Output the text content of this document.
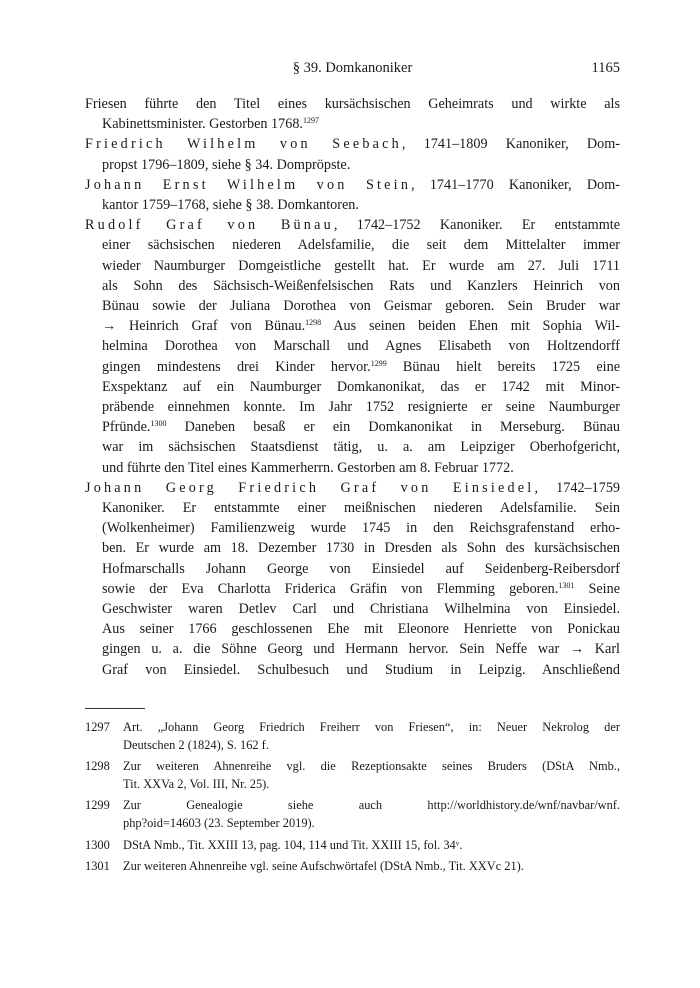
§ 39. Domkanoniker	1165
Friesen führte den Titel eines kursächsischen Geheimrats und wirkte als
Kabinettsminister. Gestorben 1768.$^{1297}$
Friedrich Wilhelm von Seebach, 1741–1809 Kanoniker, Dom-
propst 1796–1809, siehe § 34. Dompröpste.
Johann Ernst Wilhelm von Stein, 1741–1770 Kanoniker, Dom-
kantor 1759–1768, siehe § 38. Domkantoren.
Rudolf Graf von Bünau, 1742–1752 Kanoniker. Er entstammte
einer sächsischen niederen Adelsfamilie, die seit dem Mittelalter immer
wieder Naumburger Domgeistliche gestellt hat. Er wurde am 27. Juli 1711
als Sohn des Sächsisch-Weißenfelsischen Rats und Kanzlers Heinrich von
Bünau sowie der Juliana Dorothea von Geismar geboren. Sein Bruder war
→ Heinrich Graf von Bünau.$^{1298}$ Aus seinen beiden Ehen mit Sophia Wil-
helmina Dorothea von Marschall und Agnes Elisabeth von Holtzendorff
gingen mindestens drei Kinder hervor.$^{1299}$ Bünau hielt bereits 1725 eine
Exspektanz auf ein Naumburger Domkanonikat, das er 1742 mit Minor-
präbende einnehmen konnte. Im Jahr 1752 resignierte er seine Naumburger
Pfründe.$^{1300}$ Daneben besaß er ein Domkanonikat in Merseburg. Bünau
war im sächsischen Staatsdienst tätig, u. a. am Leipziger Oberhofgericht,
und führte den Titel eines Kammerherrn. Gestorben am 8. Februar 1772.
Johann Georg Friedrich Graf von Einsiedel, 1742–1759
Kanoniker. Er entstammte einer meißnischen niederen Adelsfamilie. Sein
(Wolkenheimer) Familienzweig wurde 1745 in den Reichsgrafenstand erho-
ben. Er wurde am 18. Dezember 1730 in Dresden als Sohn des kursächsischen
Hofmarschalls Johann George von Einsiedel auf Seidenberg-Reibersdorf
sowie der Eva Charlotta Friderica Gräfin von Flemming geboren.$^{1301}$ Seine
Geschwister waren Detlev Carl und Christiana Wilhelmina von Einsiedel.
Aus seiner 1766 geschlossenen Ehe mit Eleonore Henriette von Ponickau
gingen u. a. die Söhne Georg und Hermann hervor. Sein Neffe war → Karl
Graf von Einsiedel. Schulbesuch und Studium in Leipzig. Anschließend
1297	Art. „Johann Georg Friedrich Freiherr von Friesen“, in: Neuer Nekrolog der
Deutschen 2 (1824), S. 162 f.
1298	Zur weiteren Ahnenreihe vgl. die Rezeptionsakte seines Bruders (DStA Nmb.,
Tit. XXVa 2, Vol. III, Nr. 25).
1299	Zur Genealogie siehe auch http://worldhistory.de/wnf/navbar/wnf.
php?oid=14603 (23. September 2019).
1300	DStA Nmb., Tit. XXIII 13, pag. 104, 114 und Tit. XXIII 15, fol. 34ᵛ.
1301	Zur weiteren Ahnenreihe vgl. seine Aufschwörtafel (DStA Nmb., Tit. XXVc 21).
